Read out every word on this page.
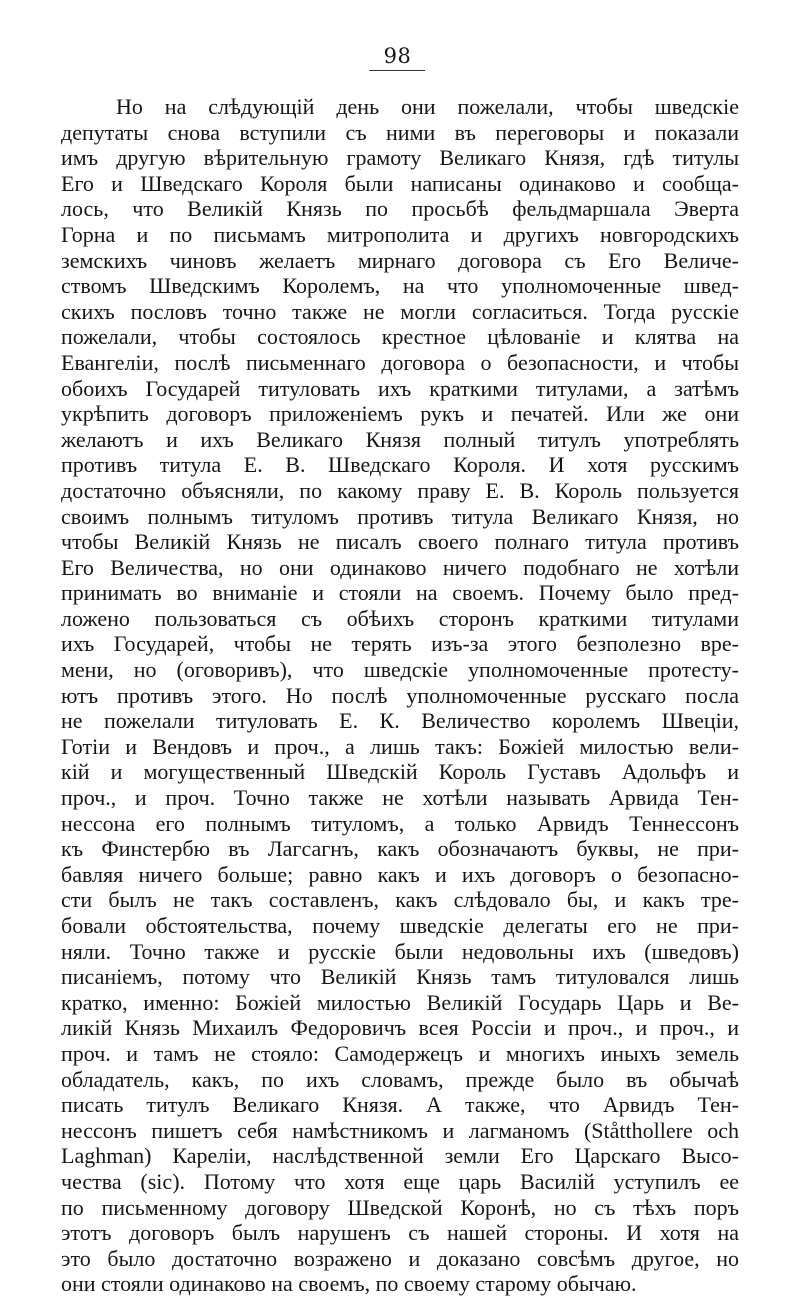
98
Но на слѣдующій день они пожелали, чтобы шведскіе
депутаты снова вступили съ ними въ переговоры и показали
имъ другую вѣрительную грамоту Великаго Князя, гдѣ титулы
Его и Шведскаго Короля были написаны одинаково и сообща-
лось, что Великій Князь по просьбѣ фельдмаршала Эверта
Горна и по письмамъ митрополита и другихъ новгородскихъ
земскихъ чиновъ желаетъ мирнаго договора съ Его Величе-
ствомъ Шведскимъ Королемъ, на что уполномоченные швед-
скихъ пословъ точно также не могли согласиться. Тогда русскіе
пожелали, чтобы состоялось крестное цѣлованіе и клятва на
Евангеліи, послѣ письменнаго договора о безопасности, и чтобы
обоихъ Государей титуловать ихъ краткими титулами, а затѣмъ
укрѣпить договоръ приложеніемъ рукъ и печатей. Или же они
желаютъ и ихъ Великаго Князя полный титулъ употреблять
противъ титула Е. В. Шведскаго Короля. И хотя русскимъ
достаточно объясняли, по какому праву Е. В. Король пользуется
своимъ полнымъ титуломъ противъ титула Великаго Князя, но
чтобы Великій Князь не писалъ своего полнаго титула противъ
Его Величества, но они одинаково ничего подобнаго не хотѣли
принимать во вниманіе и стояли на своемъ. Почему было пред-
ложено пользоваться съ обѣихъ сторонъ краткими титулами
ихъ Государей, чтобы не терять изъ-за этого безполезно вре-
мени, но (оговоривъ), что шведскіе уполномоченные протесту-
ютъ противъ этого. Но послѣ уполномоченные русскаго посла
не пожелали титуловать Е. К. Величество королемъ Швеціи,
Готіи и Вендовъ и проч., а лишь такъ: Божіей милостью вели-
кій и могущественный Шведскій Король Густавъ Адольфъ и
проч., и проч. Точно также не хотѣли называть Арвида Тен-
нессона его полнымъ титуломъ, а только Арвидъ Теннессонъ
къ Финстербю въ Лагсагнъ, какъ обозначаютъ буквы, не при-
бавляя ничего больше; равно какъ и ихъ договоръ о безопасно-
сти былъ не такъ составленъ, какъ слѣдовало бы, и какъ тре-
бовали обстоятельства, почему шведскіе делегаты его не при-
няли. Точно также и русскіе были недовольны ихъ (шведовъ)
писаніемъ, потому что Великій Князь тамъ титуловался лишь
кратко, именно: Божіей милостью Великій Государь Царь и Ве-
ликій Князь Михаилъ Федоровичъ всея Россіи и проч., и проч., и
проч. и тамъ не стояло: Самодержецъ и многихъ иныхъ земель
обладатель, какъ, по ихъ словамъ, прежде было въ обычаѣ
писать титулъ Великаго Князя. А также, что Арвидъ Тен-
нессонъ пишетъ себя намѣстникомъ и лагманомъ (Ståtthollere och
Laghman) Кареліи, наслѣдственной земли Его Царскаго Высо-
чества (sic). Потому что хотя еще царь Василій уступилъ ее
по письменному договору Шведской Коронѣ, но съ тѣхъ поръ
этотъ договоръ былъ нарушенъ съ нашей стороны. И хотя на
это было достаточно возражено и доказано совсѣмъ другое, но
они стояли одинаково на своемъ, по своему старому обычаю.
